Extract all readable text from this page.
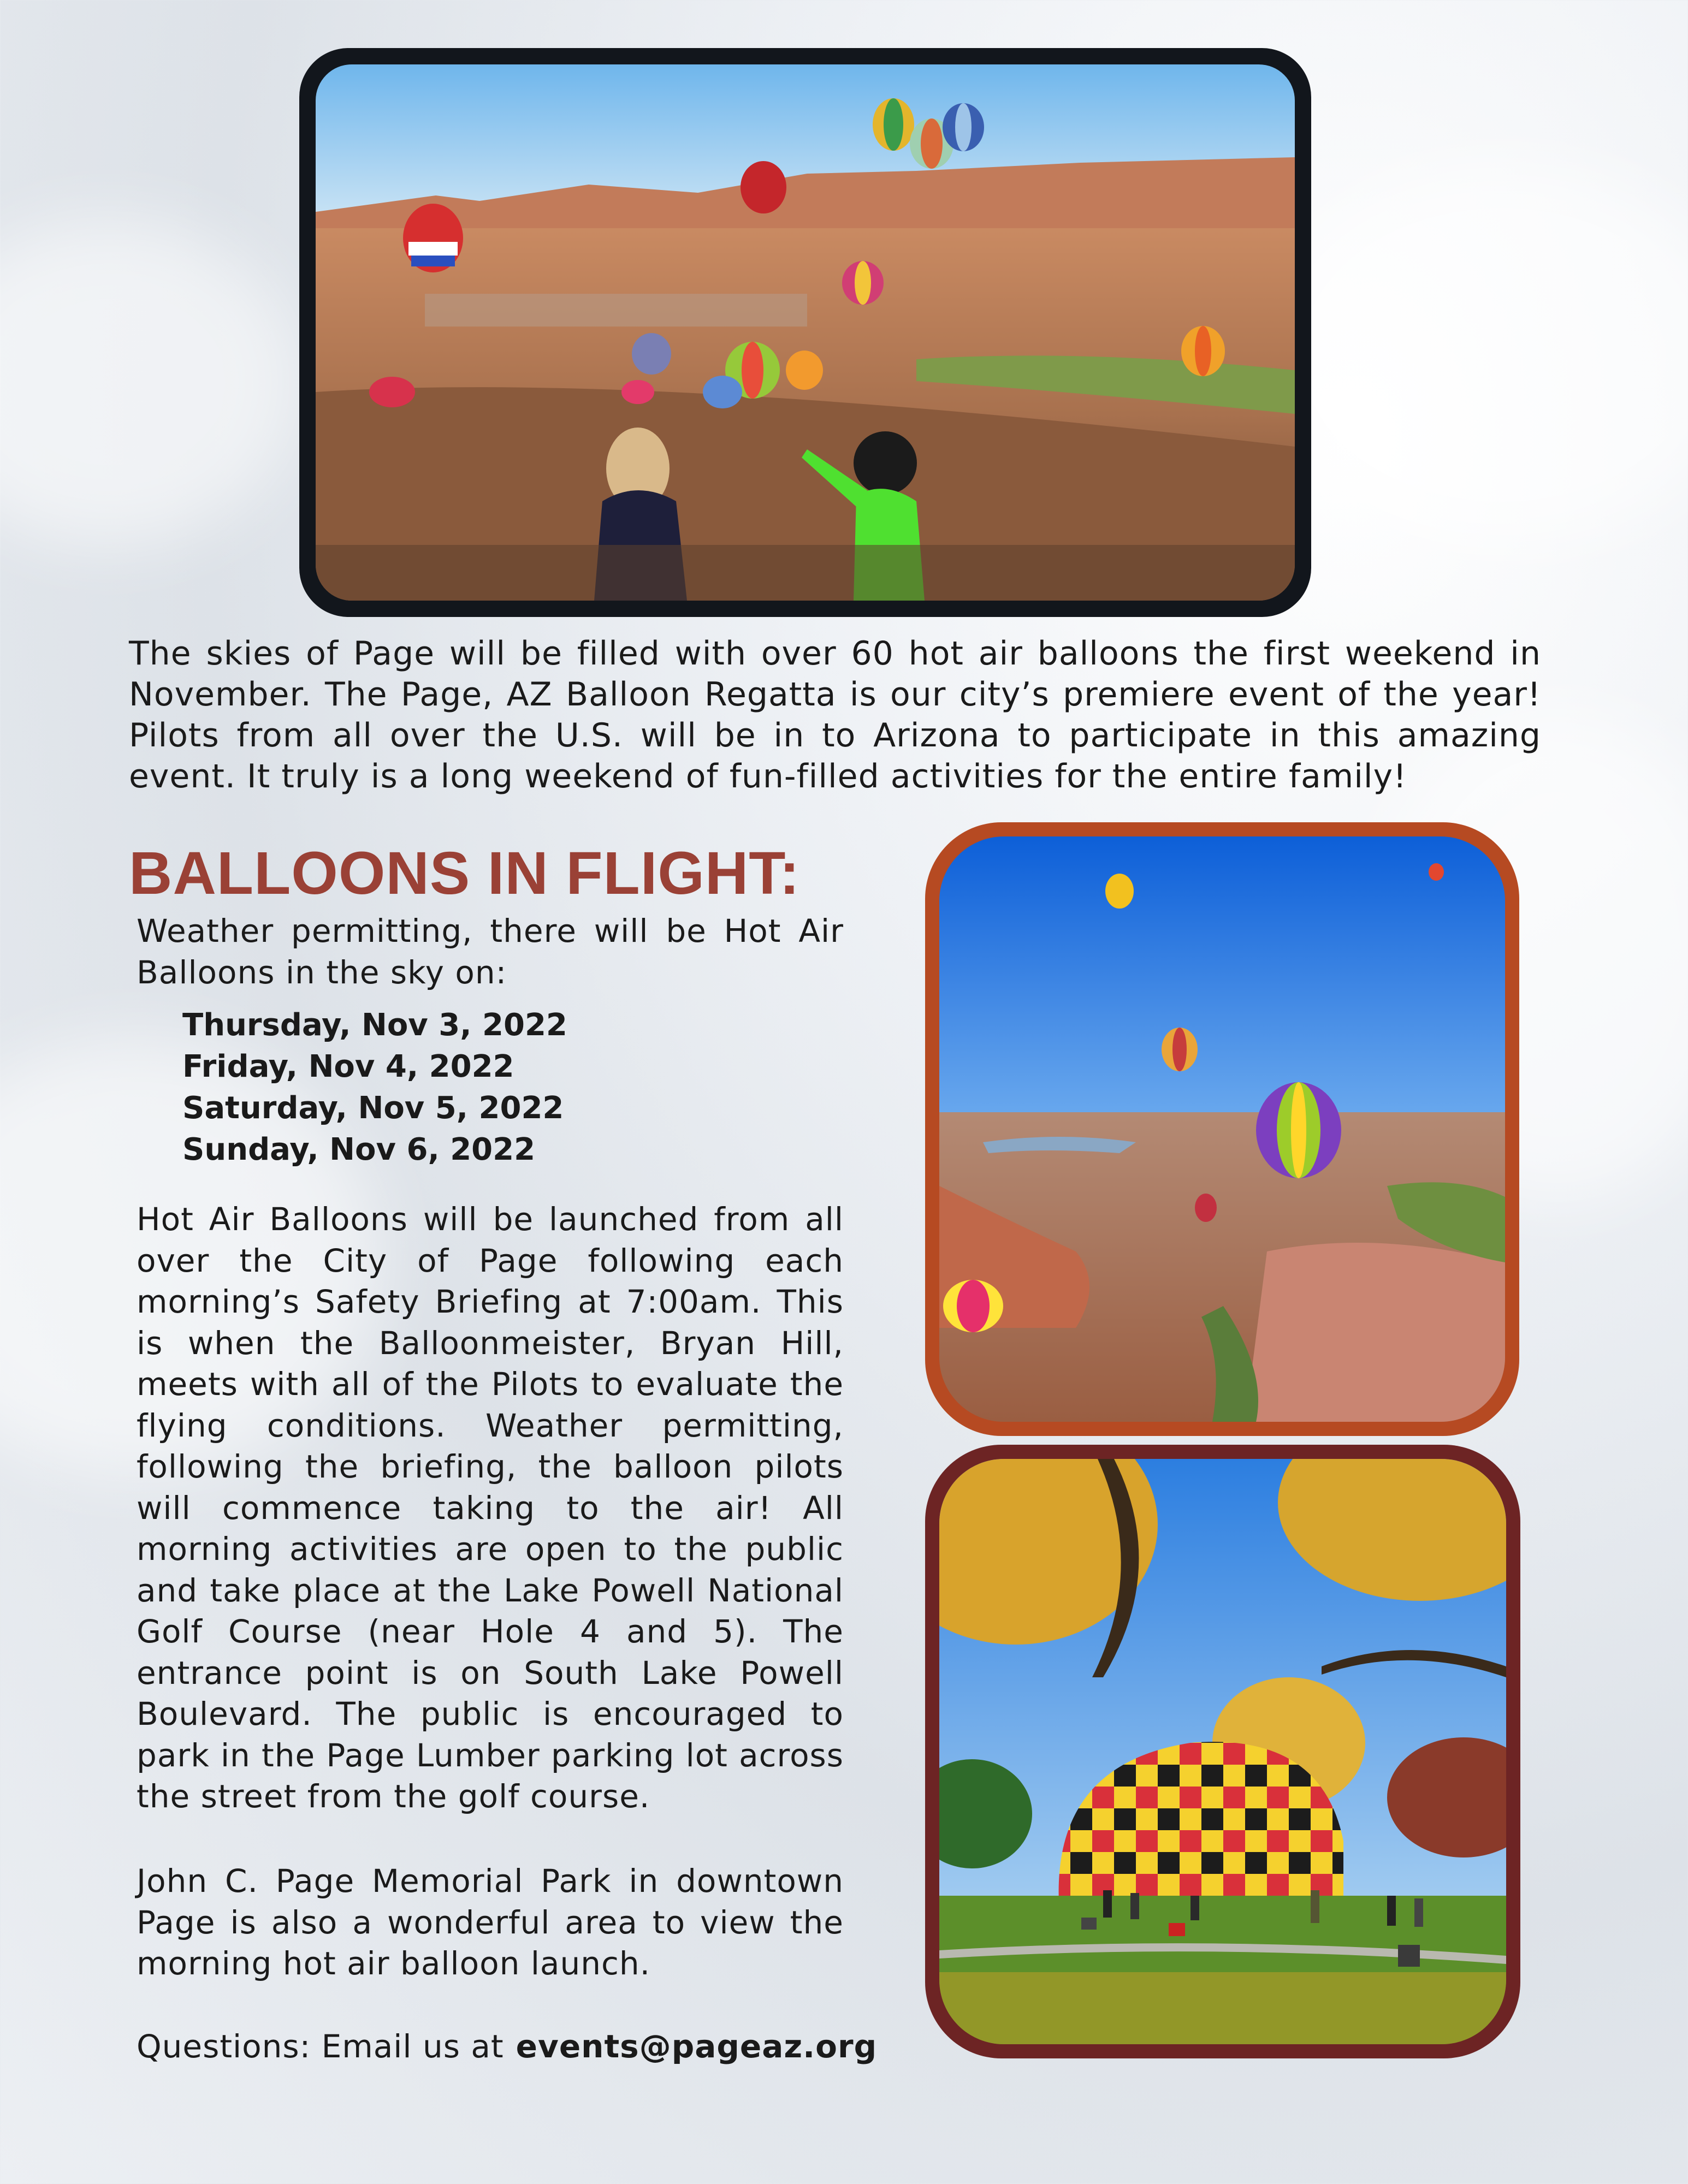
The skies of Page will be filled with over 60 hot air balloons the first weekend in November. The Page, AZ Balloon Regatta is our city’s premiere event of the year! Pilots from all over the U.S. will be in to Arizona to participate in this amazing event. It truly is a long weekend of fun-filled activities for the entire family!
BALLOONS IN FLIGHT:
Weather permitting, there will be Hot Air Balloons in the sky on:
Thursday, Nov 3, 2022
Friday, Nov 4, 2022
Saturday, Nov 5, 2022
Sunday, Nov 6, 2022
Hot Air Balloons will be launched from all over the City of Page following each morning’s Safety Briefing at 7:00am. This is when the Balloonmeister, Bryan Hill, meets with all of the Pilots to evaluate the flying conditions. Weather permitting, following the briefing, the balloon pilots will commence taking to the air! All morning activities are open to the public and take place at the Lake Powell National Golf Course (near Hole 4 and 5). The entrance point is on South Lake Powell Boulevard. The public is encouraged to park in the Page Lumber parking lot across the street from the golf course.
John C. Page Memorial Park in downtown Page is also a wonderful area to view the morning hot air balloon launch.
Questions: Email us at events@pageaz.org
